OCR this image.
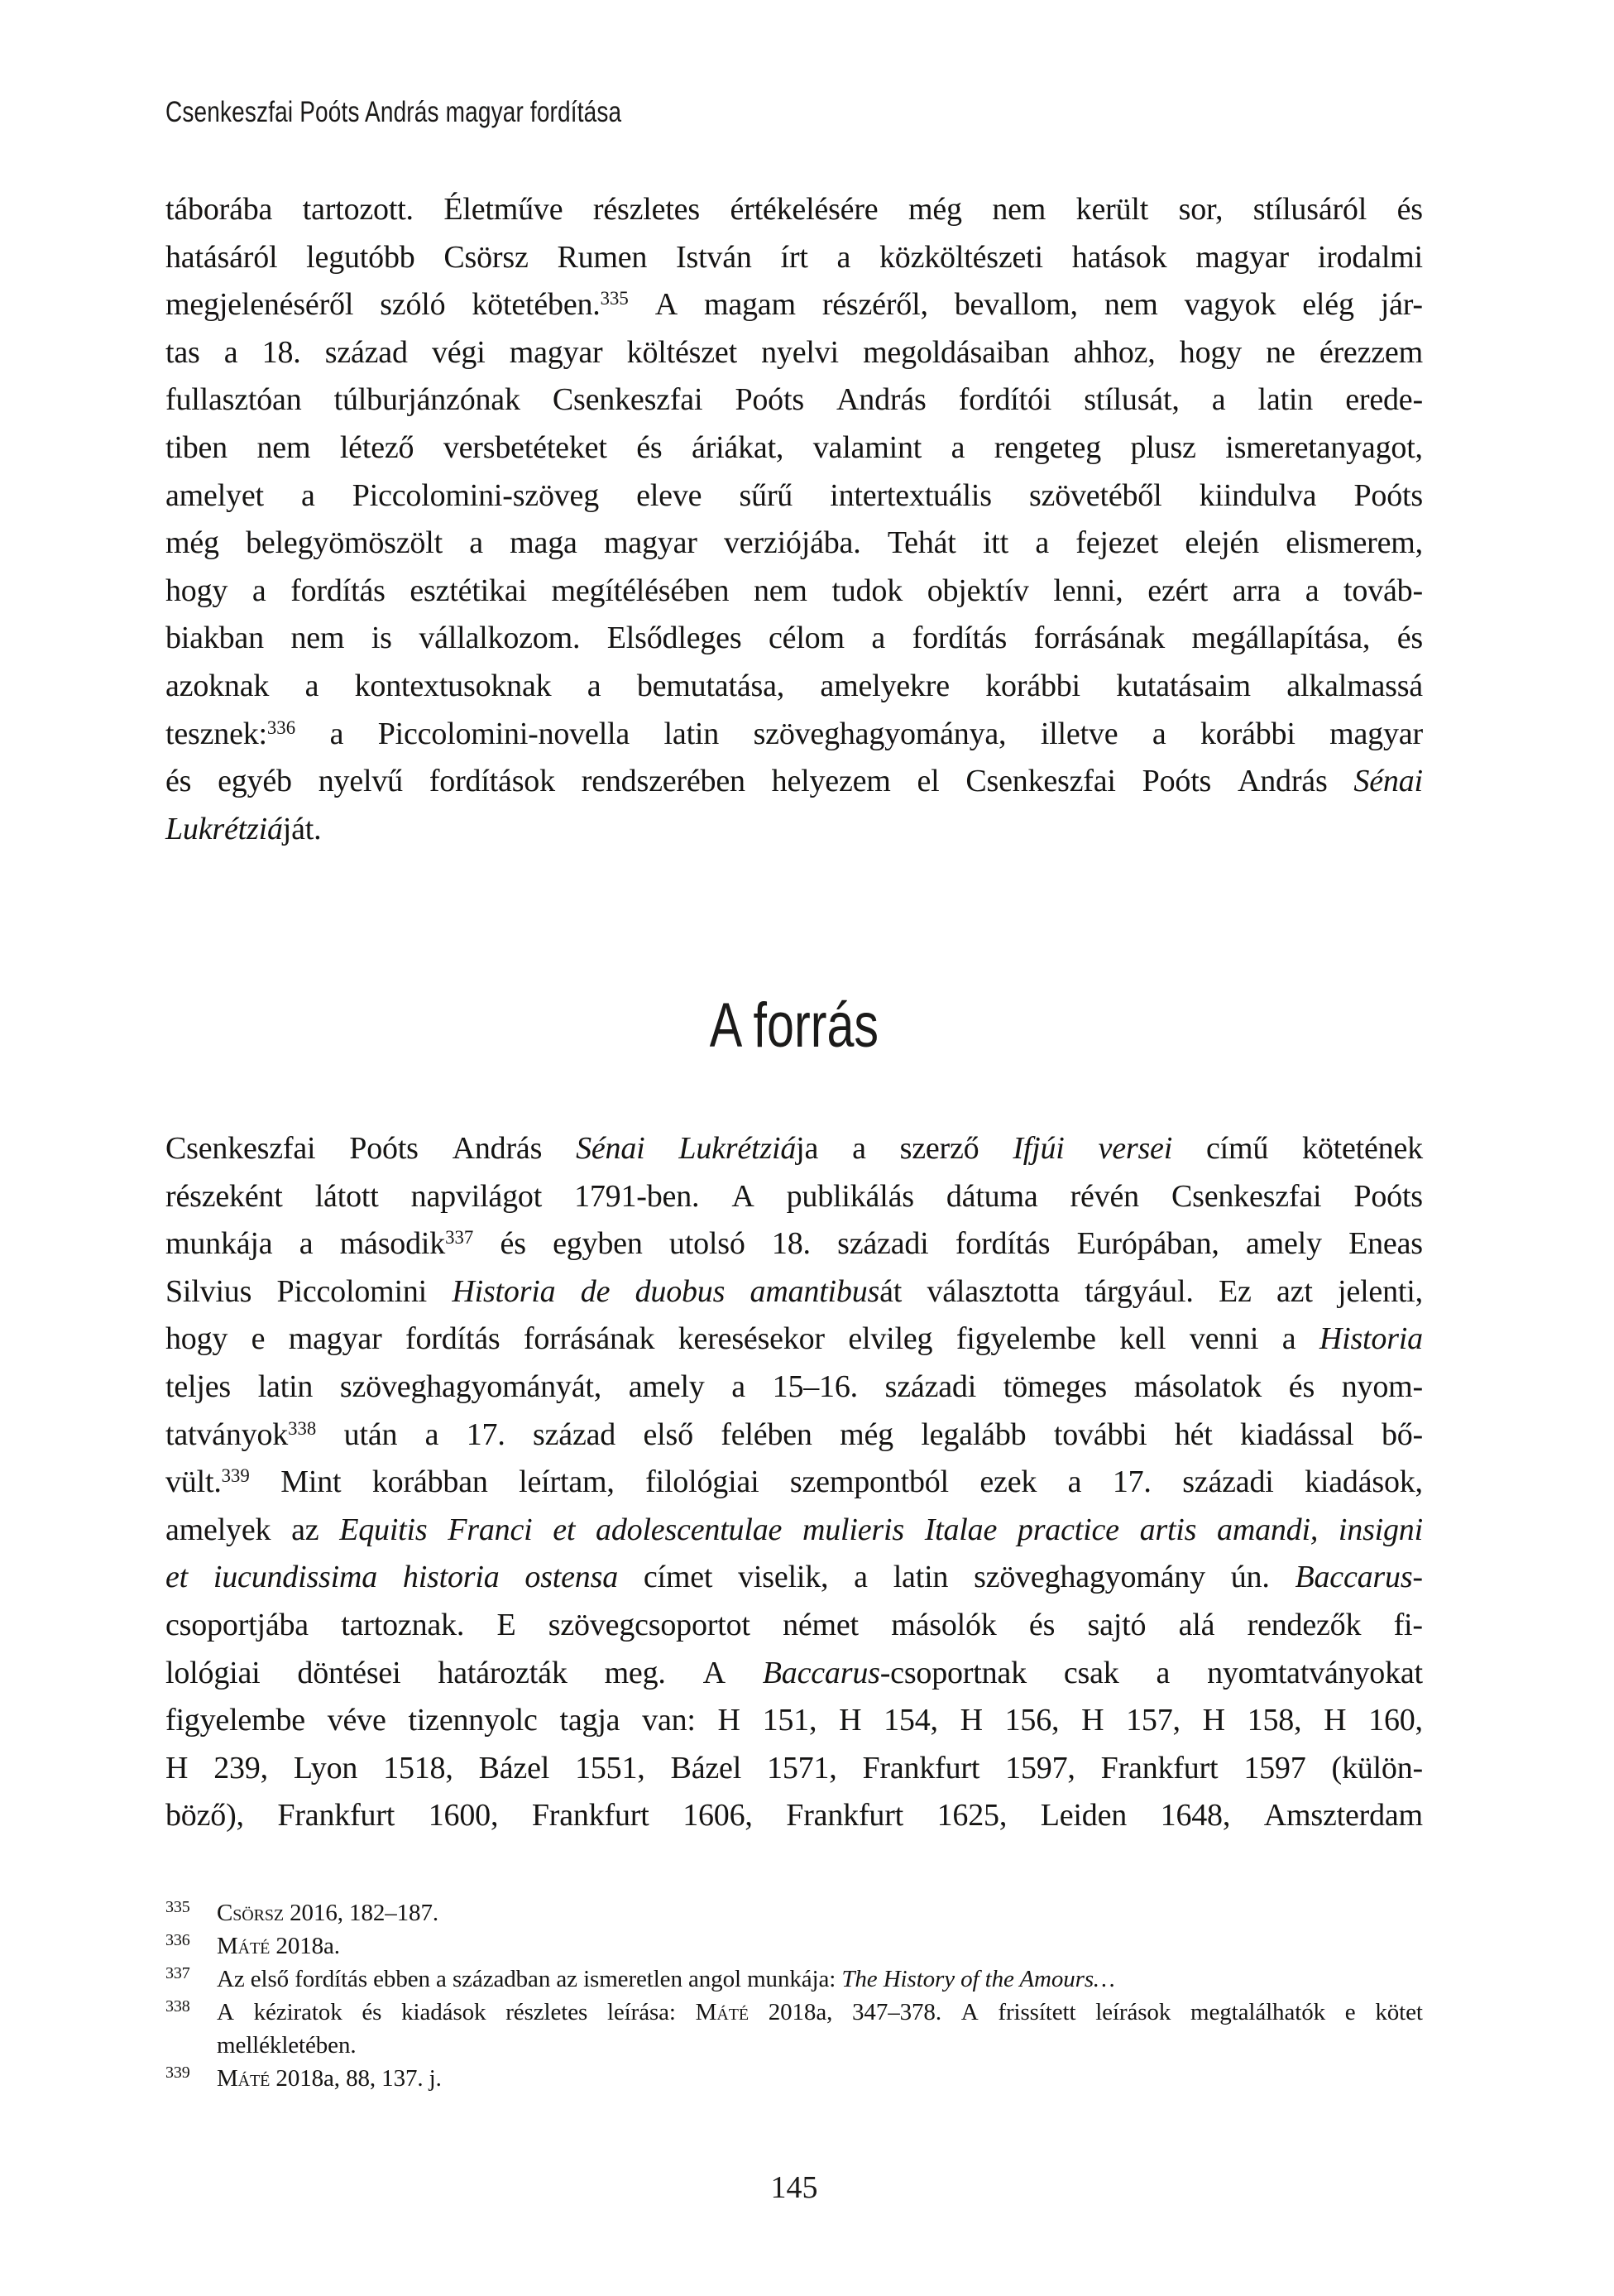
Csenkeszfai Poóts András magyar fordítása
táborába tartozott. Életműve részletes értékelésére még nem került sor, stílusáról és
hatásáról legutóbb Csörsz Rumen István írt a közköltészeti hatások magyar irodalmi
megjelenéséről szóló kötetében.$^{335}$ A magam részéről, bevallom, nem vagyok elég jár-
tas a 18. század végi magyar költészet nyelvi megoldásaiban ahhoz, hogy ne érezzem
fullasztóan túlburjánzónak Csenkeszfai Poóts András fordítói stílusát, a latin erede-
tiben nem létező versbetéteket és áriákat, valamint a rengeteg plusz ismeretanyagot,
amelyet a Piccolomini-szöveg eleve sűrű intertextuális szövetéből kiindulva Poóts
még belegyömöszölt a maga magyar verziójába. Tehát itt a fejezet elején elismerem,
hogy a fordítás esztétikai megítélésében nem tudok objektív lenni, ezért arra a továb-
biakban nem is vállalkozom. Elsődleges célom a fordítás forrásának megállapítása, és
azoknak a kontextusoknak a bemutatása, amelyekre korábbi kutatásaim alkalmassá
tesznek:$^{336}$ a Piccolomini-novella latin szöveghagyománya, illetve a korábbi magyar
és egyéb nyelvű fordítások rendszerében helyezem el Csenkeszfai Poóts András Sénai
Lukrétziáját.
A forrás
Csenkeszfai Poóts András Sénai Lukrétziája a szerző Ifjúi versei című kötetének
részeként látott napvilágot 1791-ben. A publikálás dátuma révén Csenkeszfai Poóts
munkája a második$^{337}$ és egyben utolsó 18. századi fordítás Európában, amely Eneas
Silvius Piccolomini Historia de duobus amantibusát választotta tárgyául. Ez azt jelenti,
hogy e magyar fordítás forrásának keresésekor elvileg figyelembe kell venni a Historia
teljes latin szöveghagyományát, amely a 15–16. századi tömeges másolatok és nyom-
tatványok$^{338}$ után a 17. század első felében még legalább további hét kiadással bő-
vült.$^{339}$ Mint korábban leírtam, filológiai szempontból ezek a 17. századi kiadások,
amelyek az Equitis Franci et adolescentulae mulieris Italae practice artis amandi, insigni
et iucundissima historia ostensa címet viselik, a latin szöveghagyomány ún. Baccarus-
csoportjába tartoznak. E szövegcsoportot német másolók és sajtó alá rendezők fi-
lológiai döntései határozták meg. A Baccarus-csoportnak csak a nyomtatványokat
figyelembe véve tizennyolc tagja van: H 151, H 154, H 156, H 157, H 158, H 160,
H 239, Lyon 1518, Bázel 1551, Bázel 1571, Frankfurt 1597, Frankfurt 1597 (külön-
böző), Frankfurt 1600, Frankfurt 1606, Frankfurt 1625, Leiden 1648, Amszterdam
335	Csörsz 2016, 182–187.
336	Máté 2018a.
337	Az első fordítás ebben a században az ismeretlen angol munkája: The History of the Amours…
338	A kéziratok és kiadások részletes leírása: Máté 2018a, 347–378. A frissített leírások megtalálhatók e kötet
mellékletében.
339	Máté 2018a, 88, 137. j.
145
